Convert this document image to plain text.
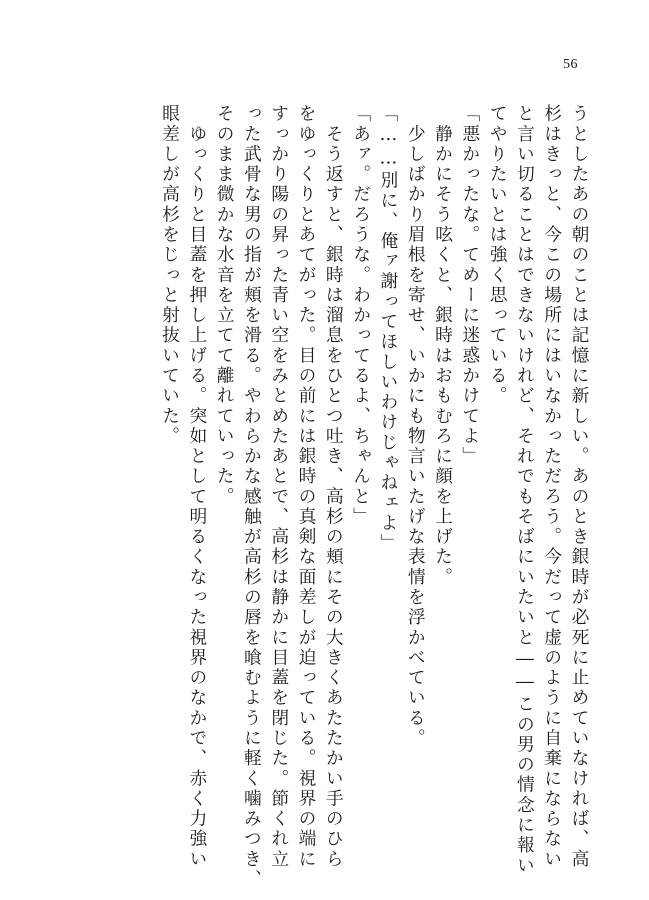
56

うとしたあの朝のことは記憶に新しい。あのとき銀時が必死に止めていなければ、高

杉はきっと、今この場所にはいなかっただろう。今だって虚のように自棄にならない

と言い切ることはできないけれど、それでもそばにいたいと――この男の情念に報い

てやりたいとは強く思っている。

「悪かったな。てめーに迷惑かけてよ」

　静かにそう呟くと、銀時はおもむろに顔を上げた。

　少しばかり眉根を寄せ、いかにも物言いたげな表情を浮かべている。

「……別に、俺ァ謝ってほしいわけじゃねェよ」

「あァ。だろうな。わかってるよ、ちゃんと」

　そう返すと、銀時は溜息をひとつ吐き、高杉の頬にその大きくあたたかい手のひら

をゆっくりとあてがった。目の前には銀時の真剣な面差しが迫っている。視界の端に

すっかり陽の昇った青い空をみとめたあとで、高杉は静かに目蓋を閉じた。節くれ立

った武骨な男の指が頬を滑る。やわらかな感触が高杉の唇を喰むように軽く噛みつき、

そのまま微かな水音を立てて離れていった。

　ゆっくりと目蓋を押し上げる。突如として明るくなった視界のなかで、赤く力強い

眼差しが高杉をじっと射抜いていた。
